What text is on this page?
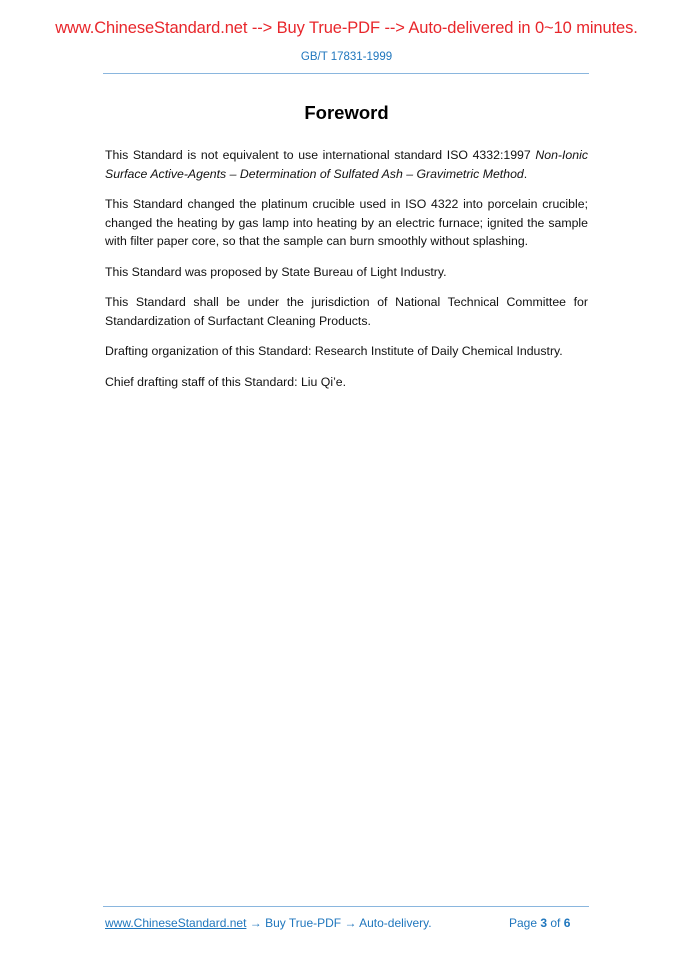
www.ChineseStandard.net --> Buy True-PDF --> Auto-delivered in 0~10 minutes.
GB/T 17831-1999
Foreword

This Standard is not equivalent to use international standard ISO 4332:1997 Non-Ionic Surface Active-Agents – Determination of Sulfated Ash – Gravimetric Method.

This Standard changed the platinum crucible used in ISO 4322 into porcelain crucible; changed the heating by gas lamp into heating by an electric furnace; ignited the sample with filter paper core, so that the sample can burn smoothly without splashing.

This Standard was proposed by State Bureau of Light Industry.

This Standard shall be under the jurisdiction of National Technical Committee for Standardization of Surfactant Cleaning Products.

Drafting organization of this Standard: Research Institute of Daily Chemical Industry.

Chief drafting staff of this Standard: Liu Qi’e.

www.ChineseStandard.net → Buy True-PDF → Auto-delivery.	Page 3 of 6
